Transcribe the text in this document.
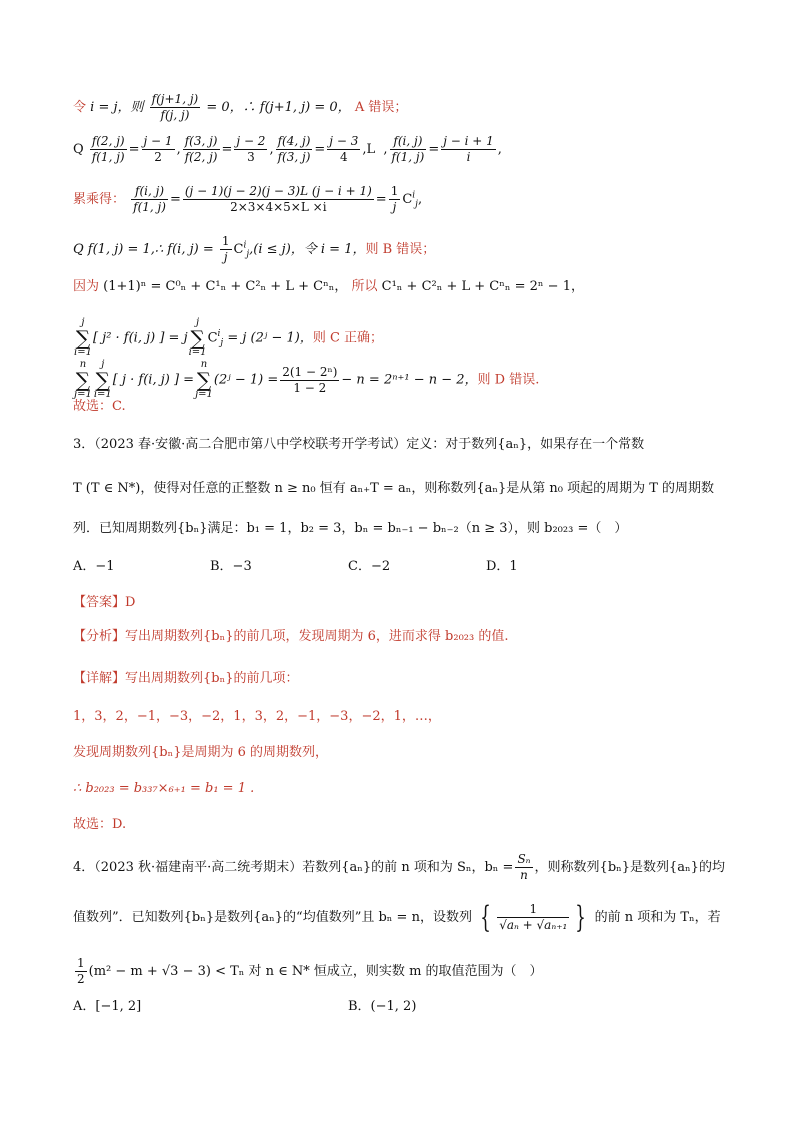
令 i = j，则 $\frac{f(j+1, j)}{f(j, j)} = 0$，∴ f(j+1, j) = 0， A 错误；
Q $\frac{f(2, j)}{f(1, j)} = \frac{j - 1}{2}$ , $\frac{f(3, j)}{f(2, j)} = \frac{j - 2}{3}$ , $\frac{f(4, j)}{f(3, j)} = \frac{j - 3}{4} ,L$  , $\frac{f(i, j)}{f(1, j)} = \frac{j - i + 1}{i}$ ,
累乘得： $\frac{f(i, j)}{f(1, j)} = \frac{(j - 1)(j - 2)(j - 3)L (j - i + 1)}{2\times 3\times 4\times 5\times L \times i} = \frac{1}{j} C^i_j$,
Q f(1, j) = 1,∴ f(i, $j) = \frac{1}{j} C^i_j,(i \le j)$，令 i = 1，则 B 错误；
因为 (1+1)ⁿ = C⁰ₙ + C¹ₙ + C²ₙ + L + Cⁿₙ， 所以 C¹ₙ + C²ₙ + L + Cⁿₙ = 2ⁿ − 1，
j
∑
i=1[ j² · f(i, j) ] = jj
∑
$i=1C^i_j = j$ (2ʲ − 1)，则 C 正确；
n
∑
j=1j
∑
i=1[ j · f(i, j) ] =n
∑
j=1(2ʲ − $1) = \frac{\text{2(1 − 2ⁿ)}}{1 - 2} - n = 2^{n+1} - n - 2$，则 D 错误.
故选：C.
3．（2023 春·安徽·高二合肥市第八中学校联考开学考试）定义：对于数列{aₙ}，如果存在一个常数
T (T ∈ N*)，使得对任意的正整数 n ≥ n₀ 恒有 aₙ₊T = aₙ，则称数列{aₙ}是从第 n₀ 项起的周期为 T 的周期数
列．已知周期数列{bₙ}满足：b₁ = 1，b₂ = 3，bₙ = bₙ₋₁ − bₙ₋₂（n ≥ 3），则 b₂₀₂₃ =（　）
A．−1	B．−3	C．−2	D．1
【答案】D
【分析】写出周期数列{bₙ}的前几项，发现周期为 6，进而求得 b₂₀₂₃ 的值.
【详解】写出周期数列{bₙ}的前几项：
1，3，2，−1，−3，−2，1，3，2，−1，−3，−2，1，…，
发现周期数列{bₙ}是周期为 6 的周期数列，
∴ b₂₀₂₃ = b₃₃₇×₆₊₁ = b₁ = 1 .
故选：D.
4．（2023 秋·福建南平·高二统考期末）若数列{aₙ}的前 n 项和为 Sₙ，$b_n = \frac{\text{Sₙ}}{n}$ ，则称数列{bₙ}是数列{aₙ}的均
值数列”．已知数列{bₙ}是数列{aₙ}的“均值数列”且 bₙ = n，设数列 { $\frac{1}{\text{√aₙ + √aₙ₊₁}}$ } 的前 n 项和为 Tₙ，若
$\frac{1}{2} (m^2 - m + √3 - 3) < T_n$ 对 n ∈ N* 恒成立，则实数 m 的取值范围为（　）
A．[−1, 2]	B．(−1, 2)
